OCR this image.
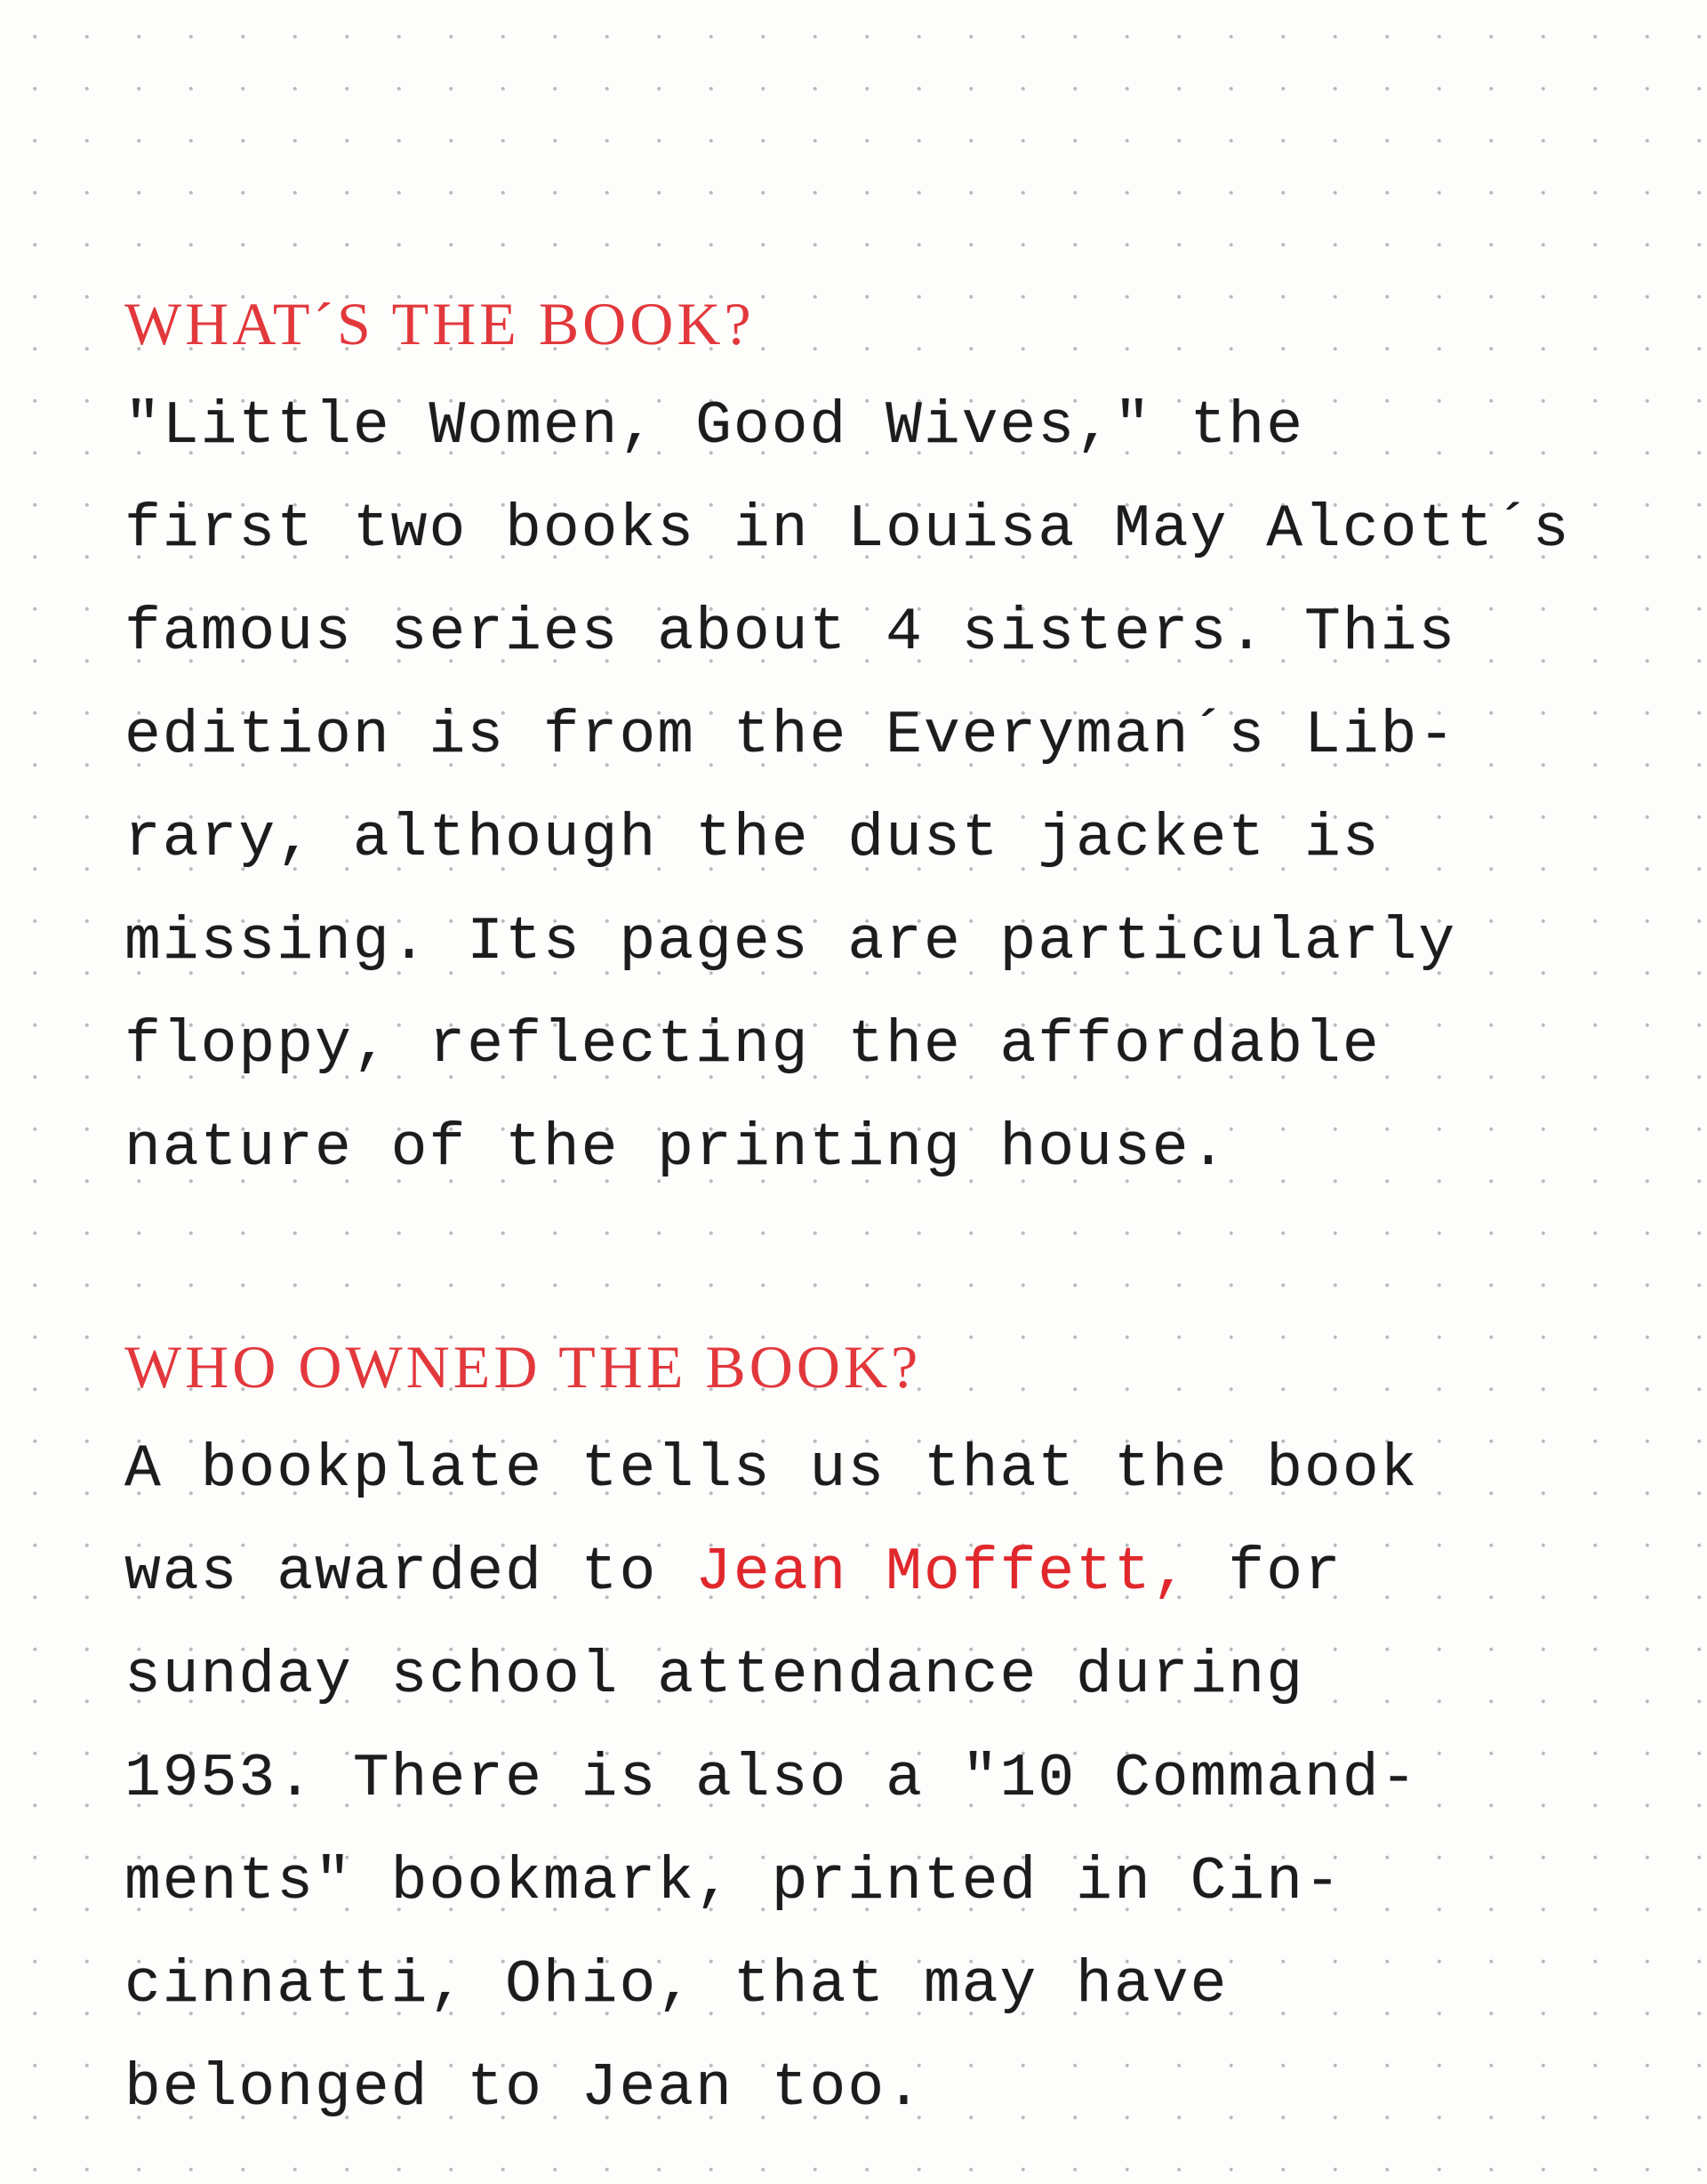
WHAT´S THE BOOK?
"Little Women, Good Wives," the
first two books in Louisa May Alcott´s
famous series about 4 sisters. This
edition is from the Everyman´s Lib-
rary, although the dust jacket is
missing. Its pages are particularly
floppy, reflecting the affordable
nature of the printing house.
WHO OWNED THE BOOK?
A bookplate tells us that the book
was awarded to Jean Moffett, for
sunday school attendance during
1953. There is also a "10 Command-
ments" bookmark, printed in Cin-
cinnatti, Ohio, that may have
belonged to Jean too.
